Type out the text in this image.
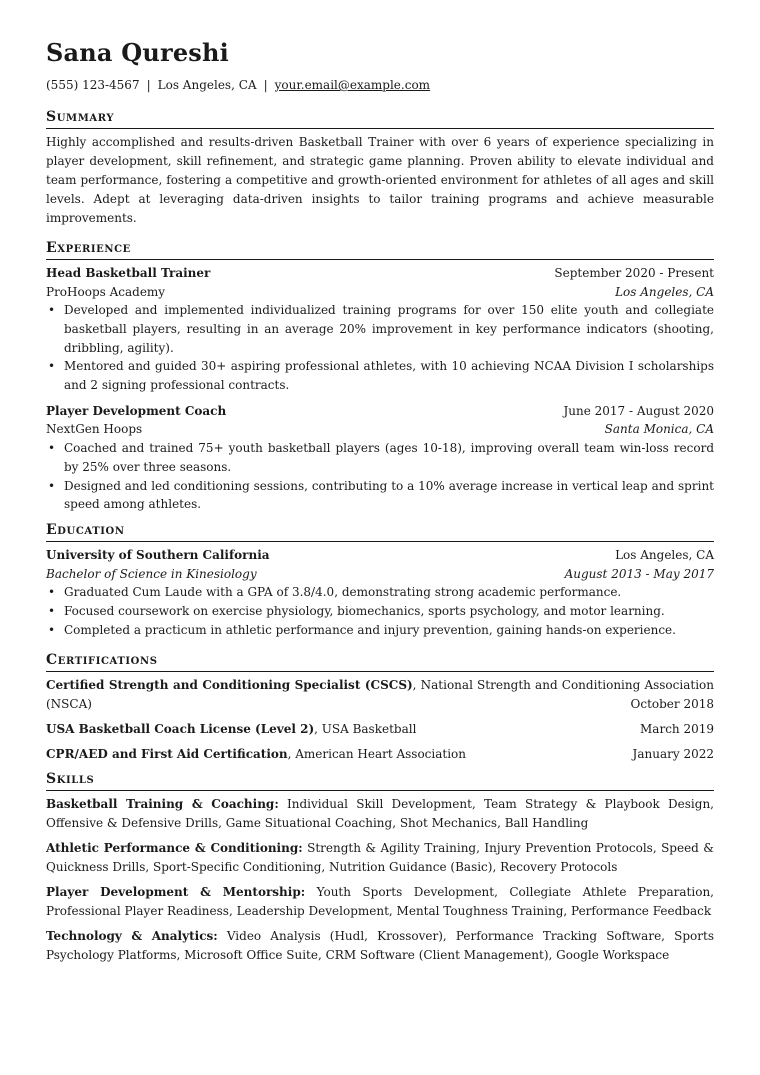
Sana Qureshi
(555) 123-4567 | Los Angeles, CA | your.email@example.com
Summary
Highly accomplished and results-driven Basketball Trainer with over 6 years of experience specializing in player development, skill refinement, and strategic game planning. Proven ability to elevate individual and team performance, fostering a competitive and growth-oriented environment for athletes of all ages and skill levels. Adept at leveraging data-driven insights to tailor training programs and achieve measurable improvements.
Experience
Head Basketball Trainer	September 2020 - Present
ProHoops Academy	Los Angeles, CA
• Developed and implemented individualized training programs for over 150 elite youth and collegiate basketball players, resulting in an average 20% improvement in key performance indicators (shooting, dribbling, agility).
• Mentored and guided 30+ aspiring professional athletes, with 10 achieving NCAA Division I scholarships and 2 signing professional contracts.
Player Development Coach	June 2017 - August 2020
NextGen Hoops	Santa Monica, CA
• Coached and trained 75+ youth basketball players (ages 10-18), improving overall team win-loss record by 25% over three seasons.
• Designed and led conditioning sessions, contributing to a 10% average increase in vertical leap and sprint speed among athletes.
Education
University of Southern California	Los Angeles, CA
Bachelor of Science in Kinesiology	August 2013 - May 2017
• Graduated Cum Laude with a GPA of 3.8/4.0, demonstrating strong academic performance.
• Focused coursework on exercise physiology, biomechanics, sports psychology, and motor learning.
• Completed a practicum in athletic performance and injury prevention, gaining hands-on experience.
Certifications
Certified Strength and Conditioning Specialist (CSCS), National Strength and Conditioning Association (NSCA)	October 2018
USA Basketball Coach License (Level 2), USA Basketball	March 2019
CPR/AED and First Aid Certification, American Heart Association	January 2022
Skills
Basketball Training & Coaching: Individual Skill Development, Team Strategy & Playbook Design, Offensive & Defensive Drills, Game Situational Coaching, Shot Mechanics, Ball Handling
Athletic Performance & Conditioning: Strength & Agility Training, Injury Prevention Protocols, Speed & Quickness Drills, Sport-Specific Conditioning, Nutrition Guidance (Basic), Recovery Protocols
Player Development & Mentorship: Youth Sports Development, Collegiate Athlete Preparation, Professional Player Readiness, Leadership Development, Mental Toughness Training, Performance Feedback
Technology & Analytics: Video Analysis (Hudl, Krossover), Performance Tracking Software, Sports Psychology Platforms, Microsoft Office Suite, CRM Software (Client Management), Google Workspace
